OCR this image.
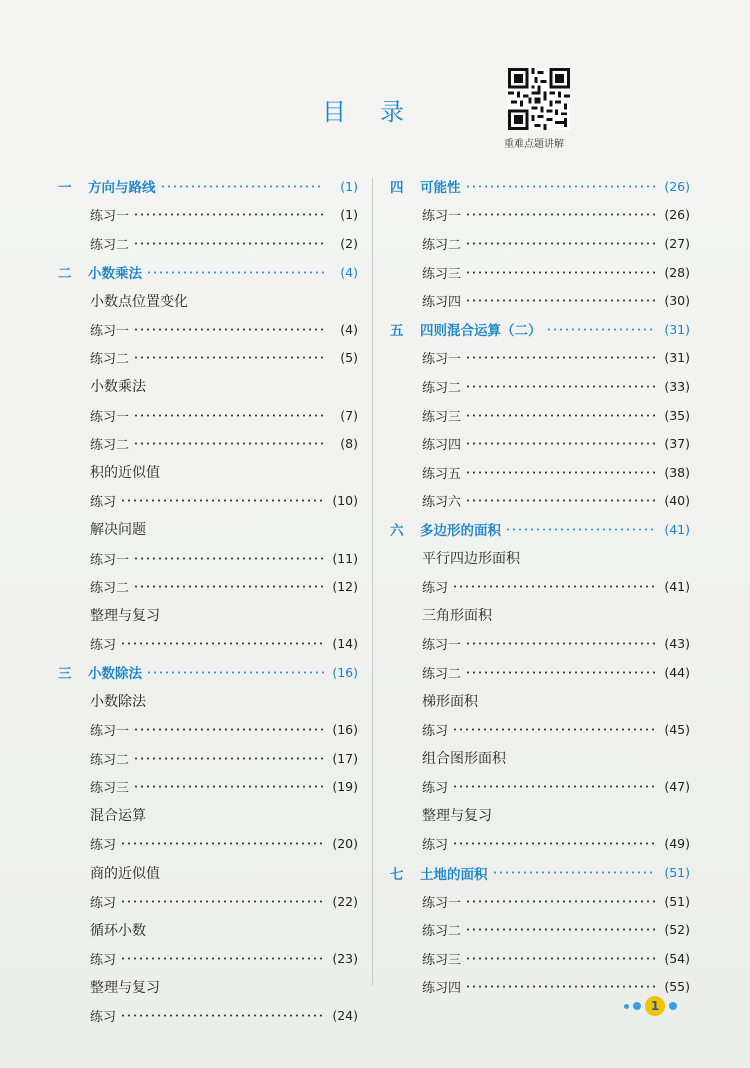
目录
重难点题讲解
一	方向与路线	(1)
练习一	(1)
练习二	(2)
二	小数乘法	(4)
小数点位置变化
练习一	(4)
练习二	(5)
小数乘法
练习一	(7)
练习二	(8)
积的近似值
练习	(10)
解决问题
练习一	(11)
练习二	(12)
整理与复习
练习	(14)
三	小数除法	(16)
小数除法
练习一	(16)
练习二	(17)
练习三	(19)
混合运算
练习	(20)
商的近似值
练习	(22)
循环小数
练习	(23)
整理与复习
练习	(24)
四	可能性	(26)
练习一	(26)
练习二	(27)
练习三	(28)
练习四	(30)
五	四则混合运算（二）	(31)
练习一	(31)
练习二	(33)
练习三	(35)
练习四	(37)
练习五	(38)
练习六	(40)
六	多边形的面积	(41)
平行四边形面积
练习	(41)
三角形面积
练习一	(43)
练习二	(44)
梯形面积
练习	(45)
组合图形面积
练习	(47)
整理与复习
练习	(49)
七	土地的面积	(51)
练习一	(51)
练习二	(52)
练习三	(54)
练习四	(55)
1
